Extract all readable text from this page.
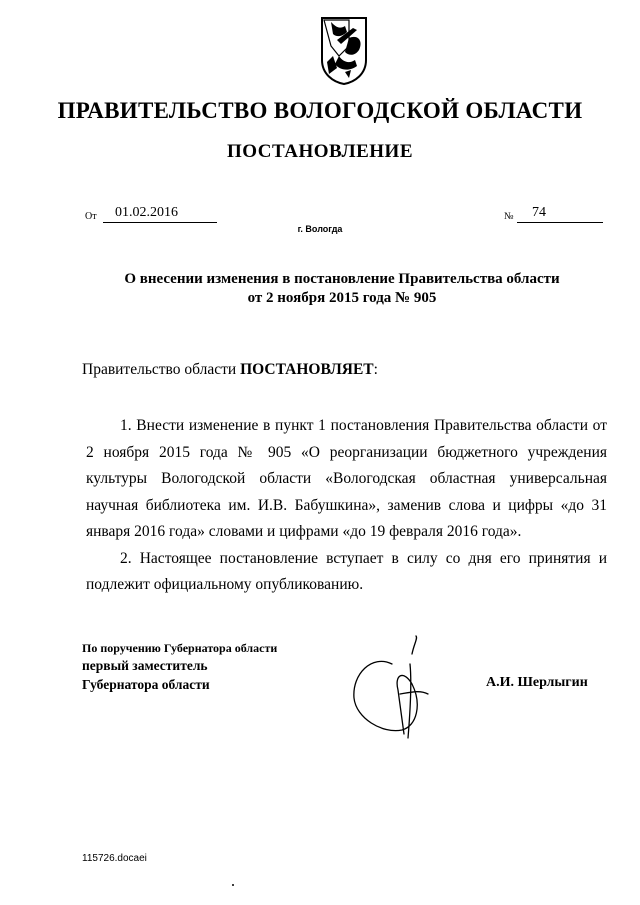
ПРАВИТЕЛЬСТВО ВОЛОГОДСКОЙ ОБЛАСТИ
ПОСТАНОВЛЕНИЕ
От	01.02.2016	№	74
г. Вологда
О внесении изменения в постановление Правительства области
от 2 ноября 2015 года № 905
Правительство области ПОСТАНОВЛЯЕТ:

1. Внести изменение в пункт 1 постановления Правительства области от 2 ноября 2015 года № 905 «О реорганизации бюджетного учреждения культуры Вологодской области «Вологодская областная универсальная научная библиотека им. И.В. Бабушкина», заменив слова и цифры «до 31 января 2016 года» словами и цифрами «до 19 февраля 2016 года».

2. Настоящее постановление вступает в силу со дня его принятия и подлежит официальному опубликованию.

По поручению Губернатора области
первый заместитель
Губернатора области	А.И. Шерлыгин
115726.docaei
